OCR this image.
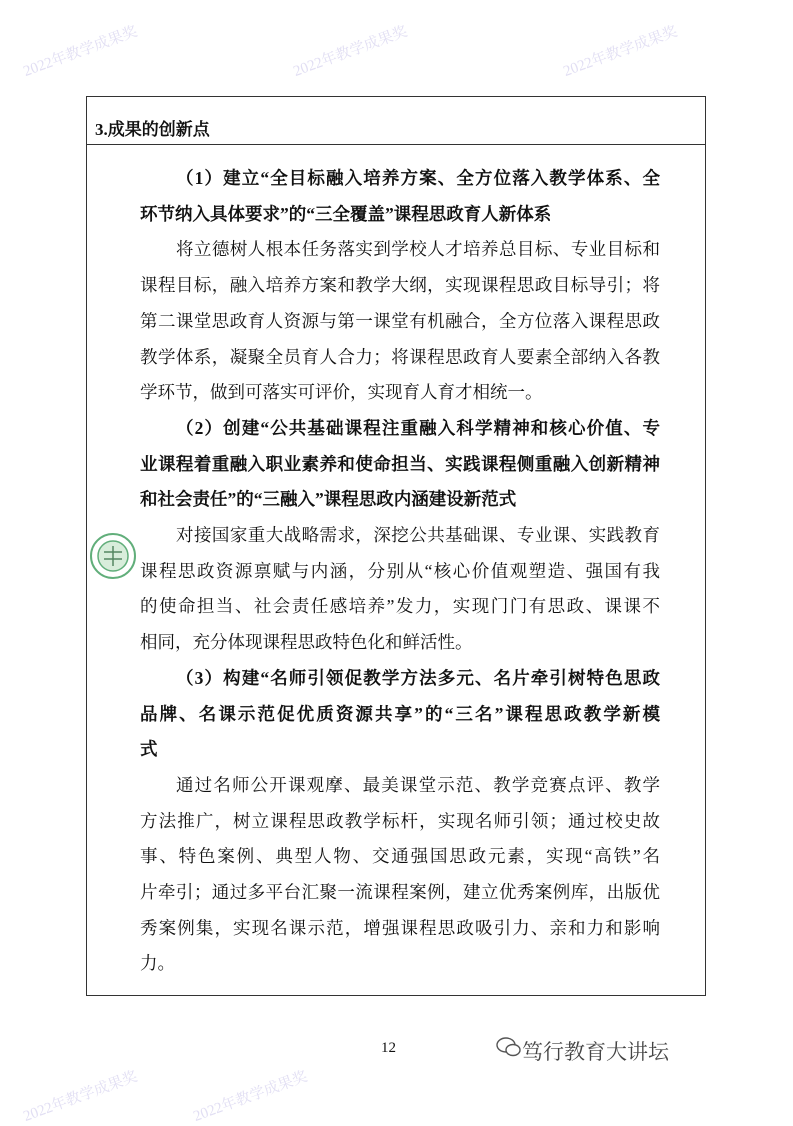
2022年教学成果奖	2022年教学成果奖	2022年教学成果奖
2022年教学成果奖	2022年教学成果奖
3.成果的创新点
（1）建立“全目标融入培养方案、全方位落入教学体系、全
环节纳入具体要求”的“三全覆盖”课程思政育人新体系
将立德树人根本任务落实到学校人才培养总目标、专业目标和
课程目标，融入培养方案和教学大纲，实现课程思政目标导引；将
第二课堂思政育人资源与第一课堂有机融合，全方位落入课程思政
教学体系，凝聚全员育人合力；将课程思政育人要素全部纳入各教
学环节，做到可落实可评价，实现育人育才相统一。
（2）创建“公共基础课程注重融入科学精神和核心价值、专
业课程着重融入职业素养和使命担当、实践课程侧重融入创新精神
和社会责任”的“三融入”课程思政内涵建设新范式
对接国家重大战略需求，深挖公共基础课、专业课、实践教育
课程思政资源禀赋与内涵，分别从“核心价值观塑造、强国有我
的使命担当、社会责任感培养”发力，实现门门有思政、课课不
相同，充分体现课程思政特色化和鲜活性。
（3）构建“名师引领促教学方法多元、名片牵引树特色思政
品牌、名课示范促优质资源共享”的“三名”课程思政教学新模
式
通过名师公开课观摩、最美课堂示范、教学竞赛点评、教学
方法推广，树立课程思政教学标杆，实现名师引领；通过校史故
事、特色案例、典型人物、交通强国思政元素，实现“高铁”名
片牵引；通过多平台汇聚一流课程案例，建立优秀案例库，出版优
秀案例集，实现名课示范，增强课程思政吸引力、亲和力和影响
力。
12	笃行教育大讲坛
